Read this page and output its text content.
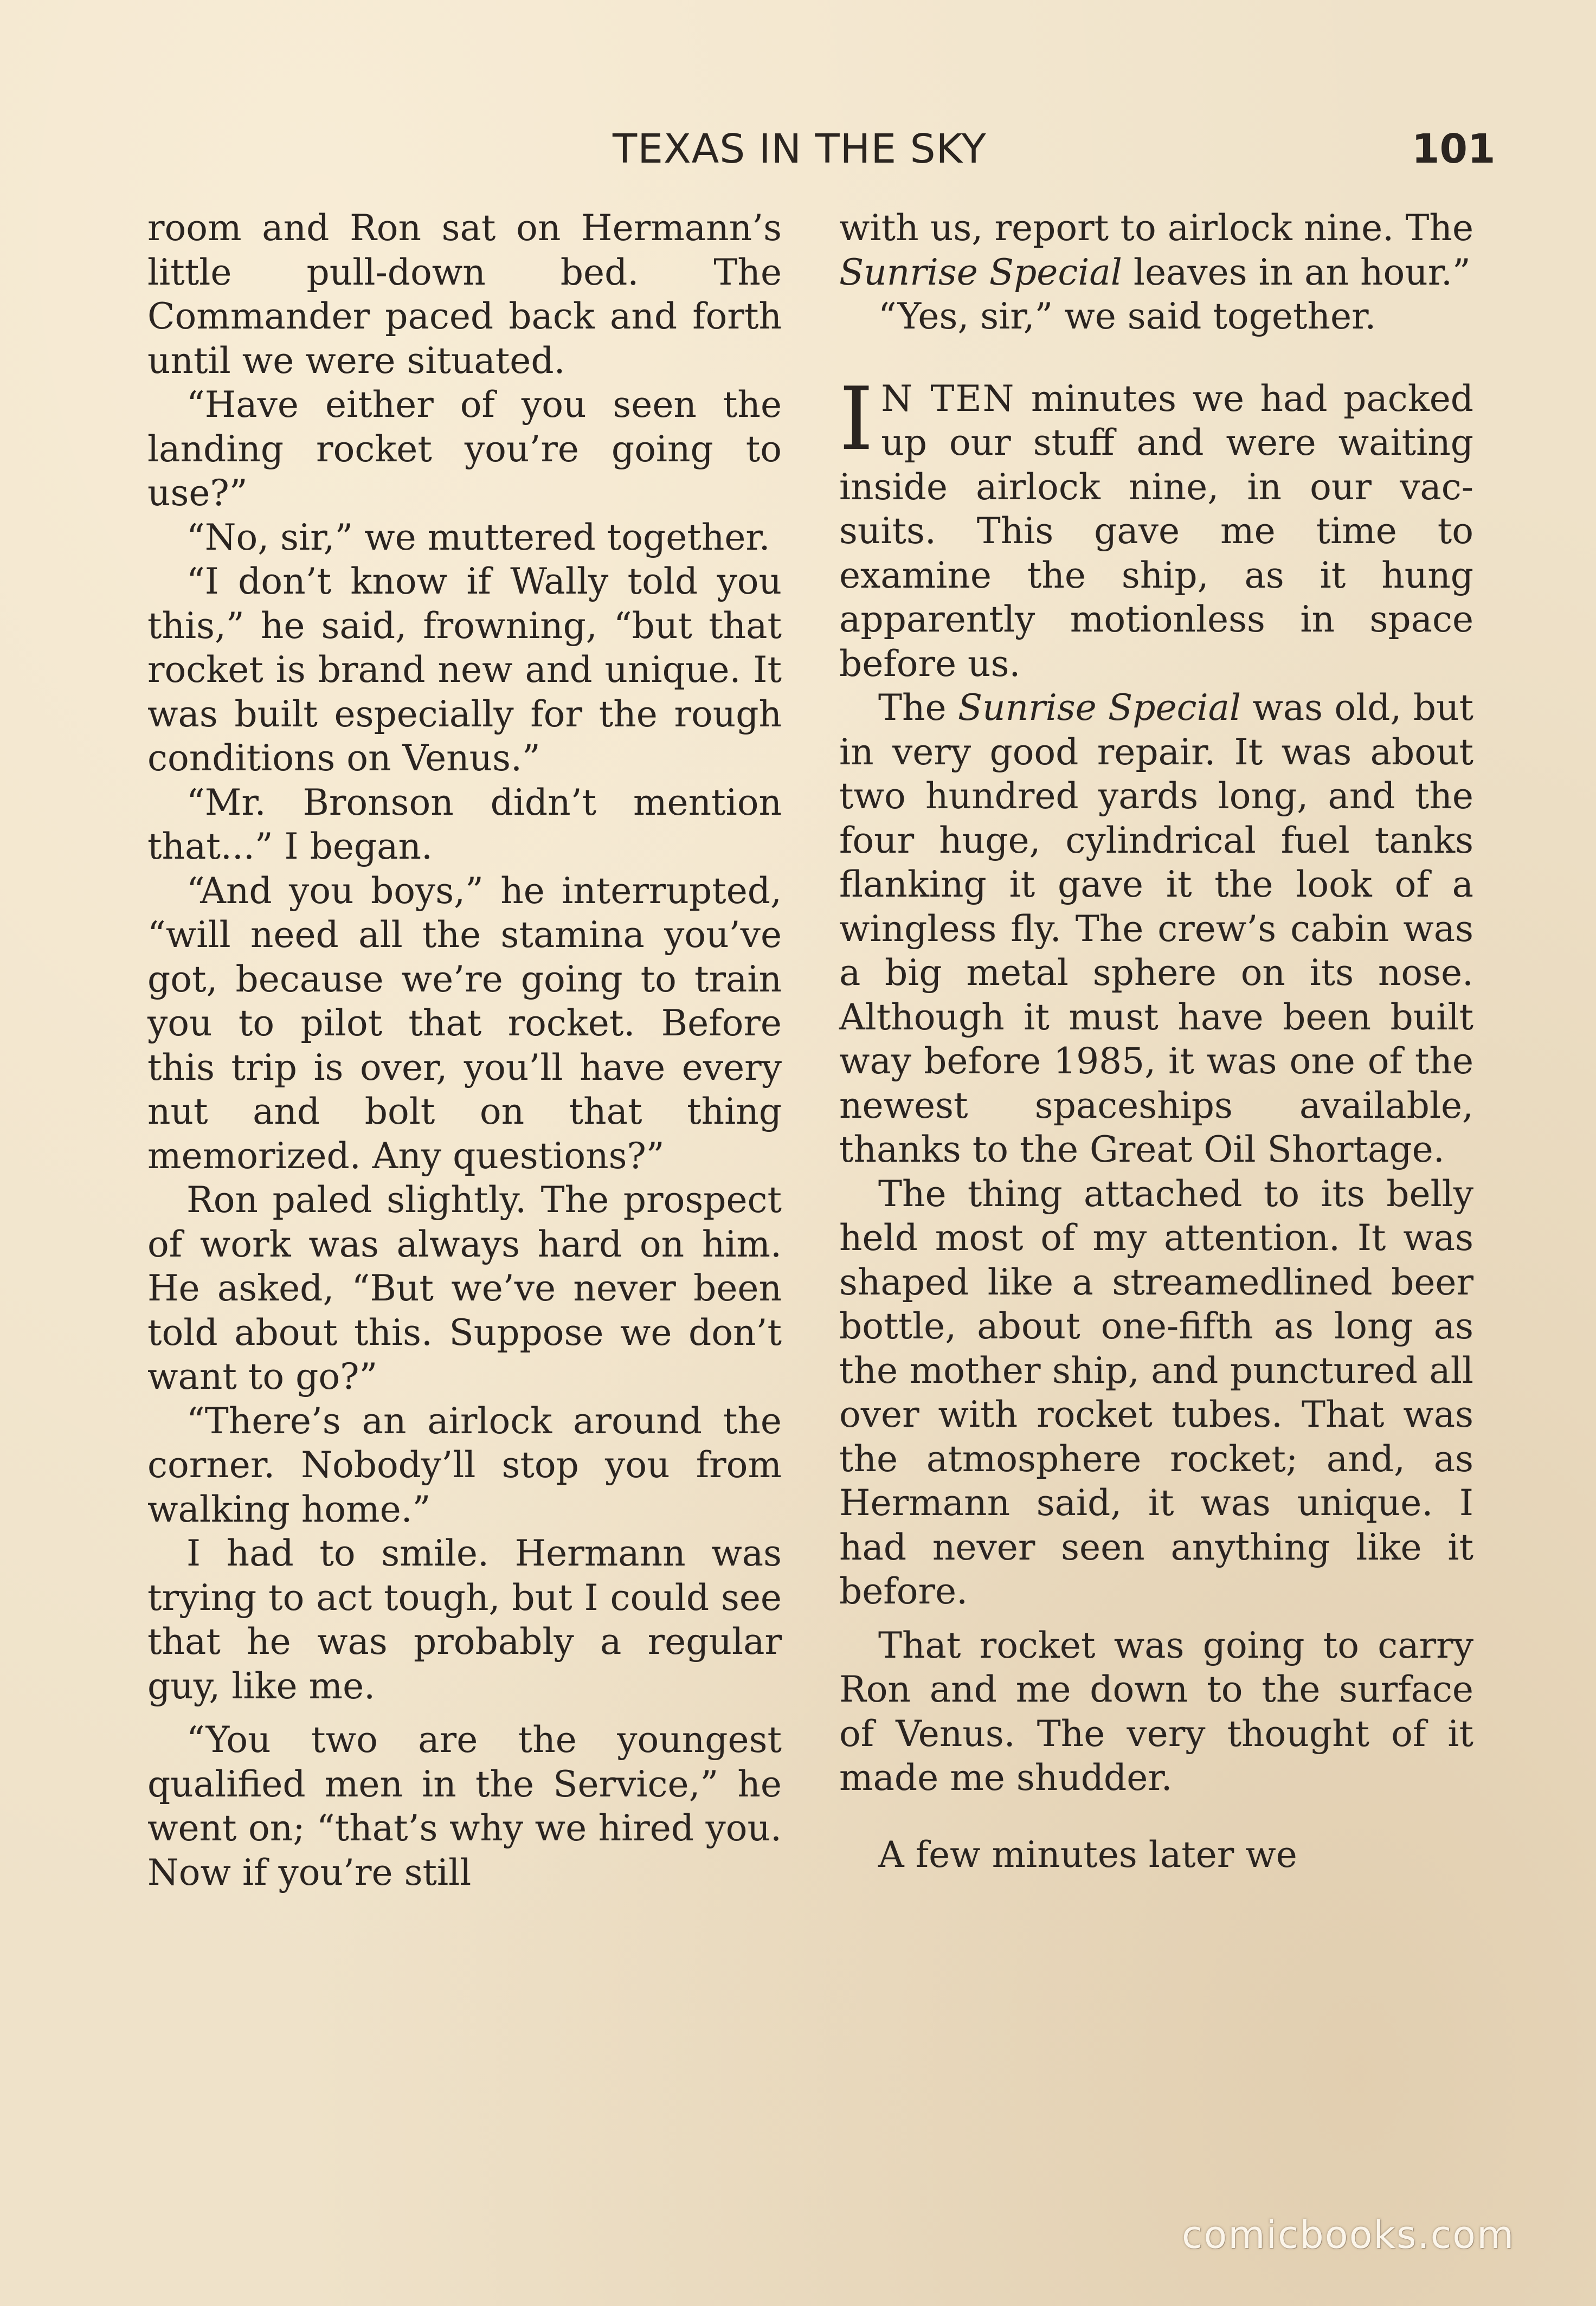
TEXAS IN THE SKY	101

room and Ron sat on Hermann’s little pull-down bed. The Commander paced back and forth until we were situated.

“Have either of you seen the landing rocket you’re going to use?”

“No, sir,” we muttered together.

“I don’t know if Wally told you this,” he said, frowning, “but that rocket is brand new and unique. It was built especially for the rough conditions on Venus.”

“Mr. Bronson didn’t mention that...” I began.

“And you boys,” he interrupted, “will need all the stamina you’ve got, because we’re going to train you to pilot that rocket. Before this trip is over, you’ll have every nut and bolt on that thing memorized. Any questions?”

Ron paled slightly. The prospect of work was always hard on him. He asked, “But we’ve never been told about this. Suppose we don’t want to go?”

“There’s an airlock around the corner. Nobody’ll stop you from walking home.”

I had to smile. Hermann was trying to act tough, but I could see that he was probably a regular guy, like me.

“You two are the youngest qualified men in the Service,” he went on; “that’s why we hired you. Now if you’re still

with us, report to airlock nine. The Sunrise Special leaves in an hour.”

“Yes, sir,” we said together.

I N TEN minutes we had packed up our stuff and were waiting inside airlock nine, in our vac-suits. This gave me time to examine the ship, as it hung apparently motionless in space before us.

The Sunrise Special was old, but in very good repair. It was about two hundred yards long, and the four huge, cylindrical fuel tanks flanking it gave it the look of a wingless fly. The crew’s cabin was a big metal sphere on its nose. Although it must have been built way before 1985, it was one of the newest spaceships available, thanks to the Great Oil Shortage.

The thing attached to its belly held most of my attention. It was shaped like a streamedlined beer bottle, about one-fifth as long as the mother ship, and punctured all over with rocket tubes. That was the atmosphere rocket; and, as Hermann said, it was unique. I had never seen anything like it before.

That rocket was going to carry Ron and me down to the surface of Venus. The very thought of it made me shudder.

A few minutes later we

comicbooks.com
